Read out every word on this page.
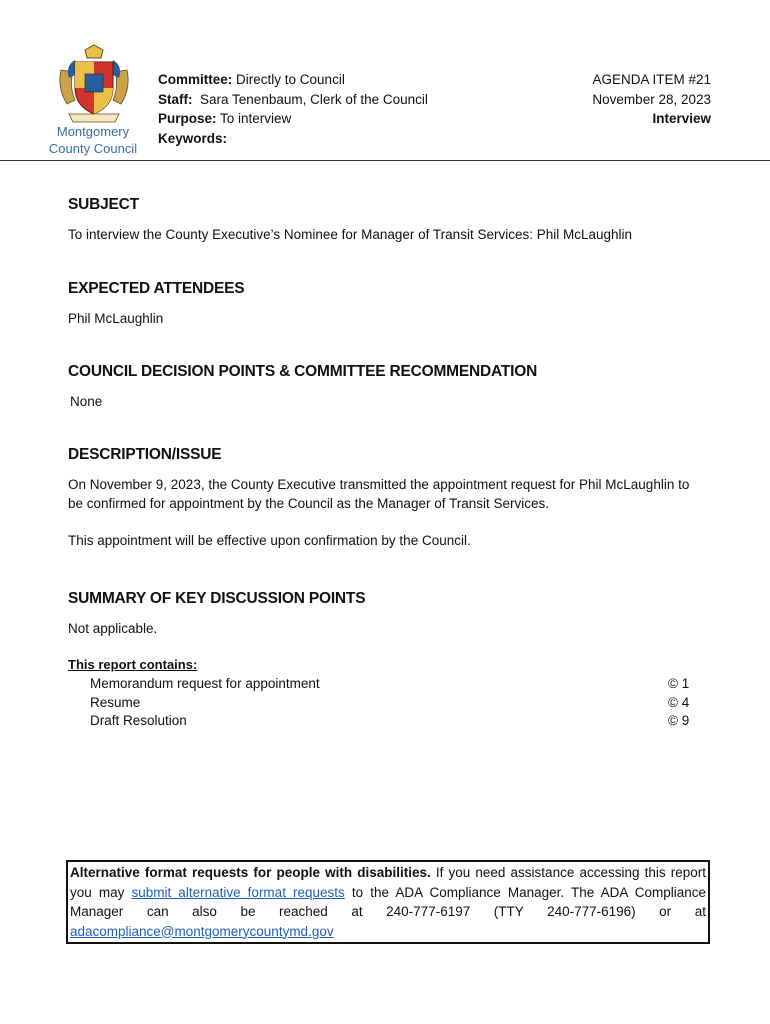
Montgomery
County Council
Committee: Directly to Council
Staff: Sara Tenenbaum, Clerk of the Council
Purpose: To interview
Keywords:
AGENDA ITEM #21
November 28, 2023
Interview
SUBJECT

To interview the County Executive’s Nominee for Manager of Transit Services: Phil McLaughlin

EXPECTED ATTENDEES

Phil McLaughlin

COUNCIL DECISION POINTS & COMMITTEE RECOMMENDATION

None

DESCRIPTION/ISSUE

On November 9, 2023, the County Executive transmitted the appointment request for Phil McLaughlin to be confirmed for appointment by the Council as the Manager of Transit Services.

This appointment will be effective upon confirmation by the Council.

SUMMARY OF KEY DISCUSSION POINTS

Not applicable.

This report contains:
Memorandum request for appointment	© 1
Resume	© 4
Draft Resolution	© 9
Alternative format requests for people with disabilities. If you need assistance accessing this report you may submit alternative format requests to the ADA Compliance Manager. The ADA Compliance Manager can also be reached at 240-777-6197 (TTY 240-777-6196) or at adacompliance@montgomerycountymd.gov
